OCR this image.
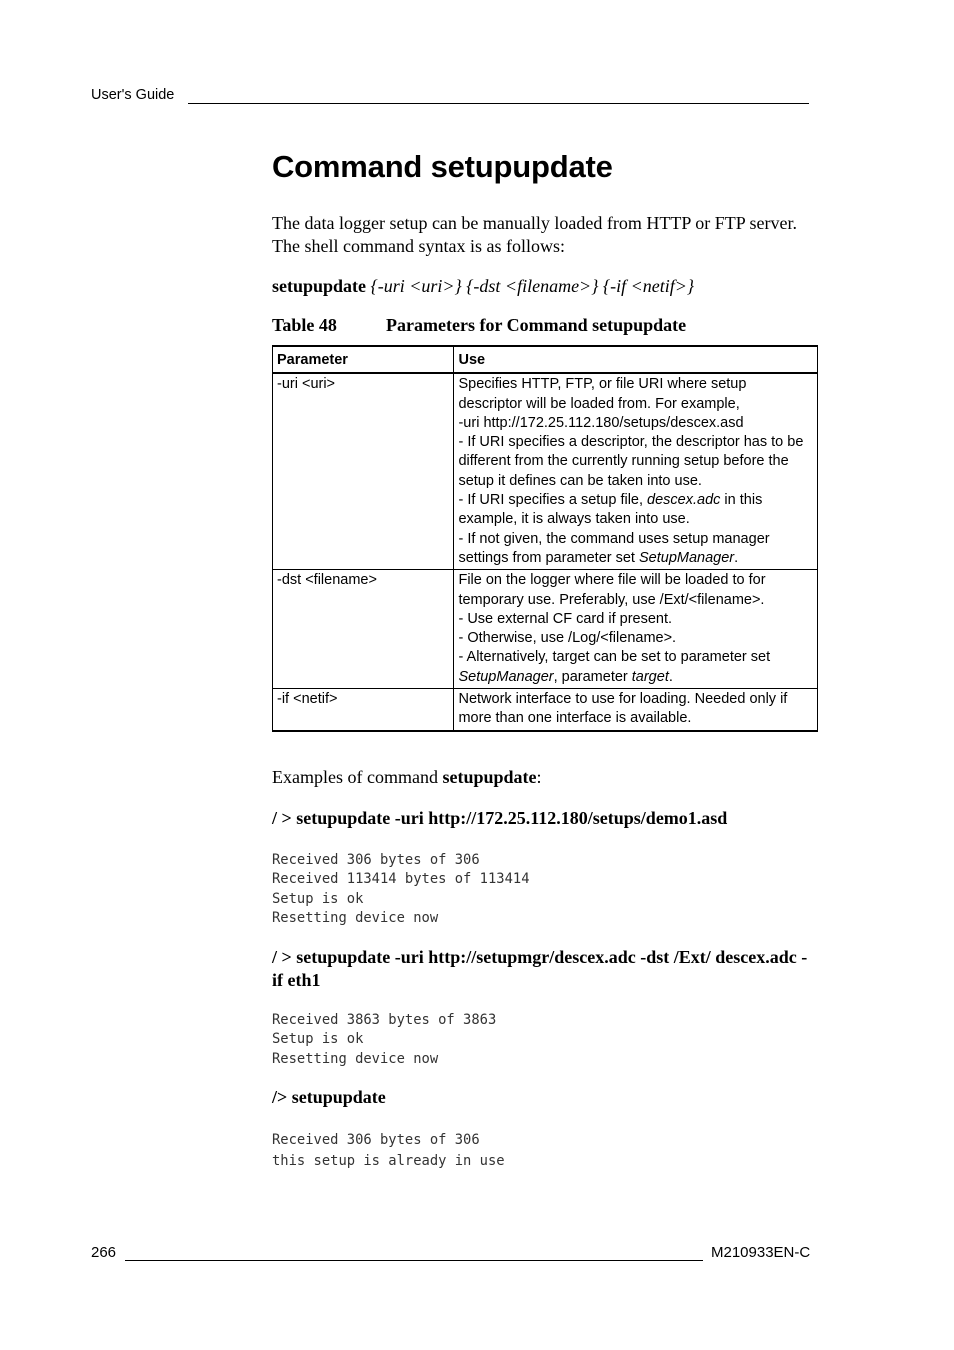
User's Guide
Command setupupdate
The data logger setup can be manually loaded from HTTP or FTP server. The shell command syntax is as follows:
setupupdate {-uri <uri>} {-dst <filename>} {-if <netif>}
Table 48	Parameters for Command setupupdate
Parameter	Use
-uri <uri>	Specifies HTTP, FTP, or file URI where setup descriptor will be loaded from. For example,
-uri http://172.25.112.180/setups/descex.asd
- If URI specifies a descriptor, the descriptor has to be different from the currently running setup before the setup it defines can be taken into use.
- If URI specifies a setup file, descex.adc in this example, it is always taken into use.
- If not given, the command uses setup manager settings from parameter set SetupManager.
-dst <filename>	File on the logger where file will be loaded to for temporary use. Preferably, use /Ext/<filename>.
- Use external CF card if present.
- Otherwise, use /Log/<filename>.
- Alternatively, target can be set to parameter set SetupManager, parameter target.
-if <netif>	Network interface to use for loading. Needed only if more than one interface is available.
Examples of command setupupdate:
/ > setupupdate -uri http://172.25.112.180/setups/demo1.asd
Received 306 bytes of 306
Received 113414 bytes of 113414
Setup is ok
Resetting device now
/ > setupupdate -uri http://setupmgr/descex.adc -dst /Ext/ descex.adc -if eth1
Received 3863 bytes of 3863
Setup is ok
Resetting device now
/> setupupdate
Received 306 bytes of 306
this setup is already in use
266	M210933EN-C
